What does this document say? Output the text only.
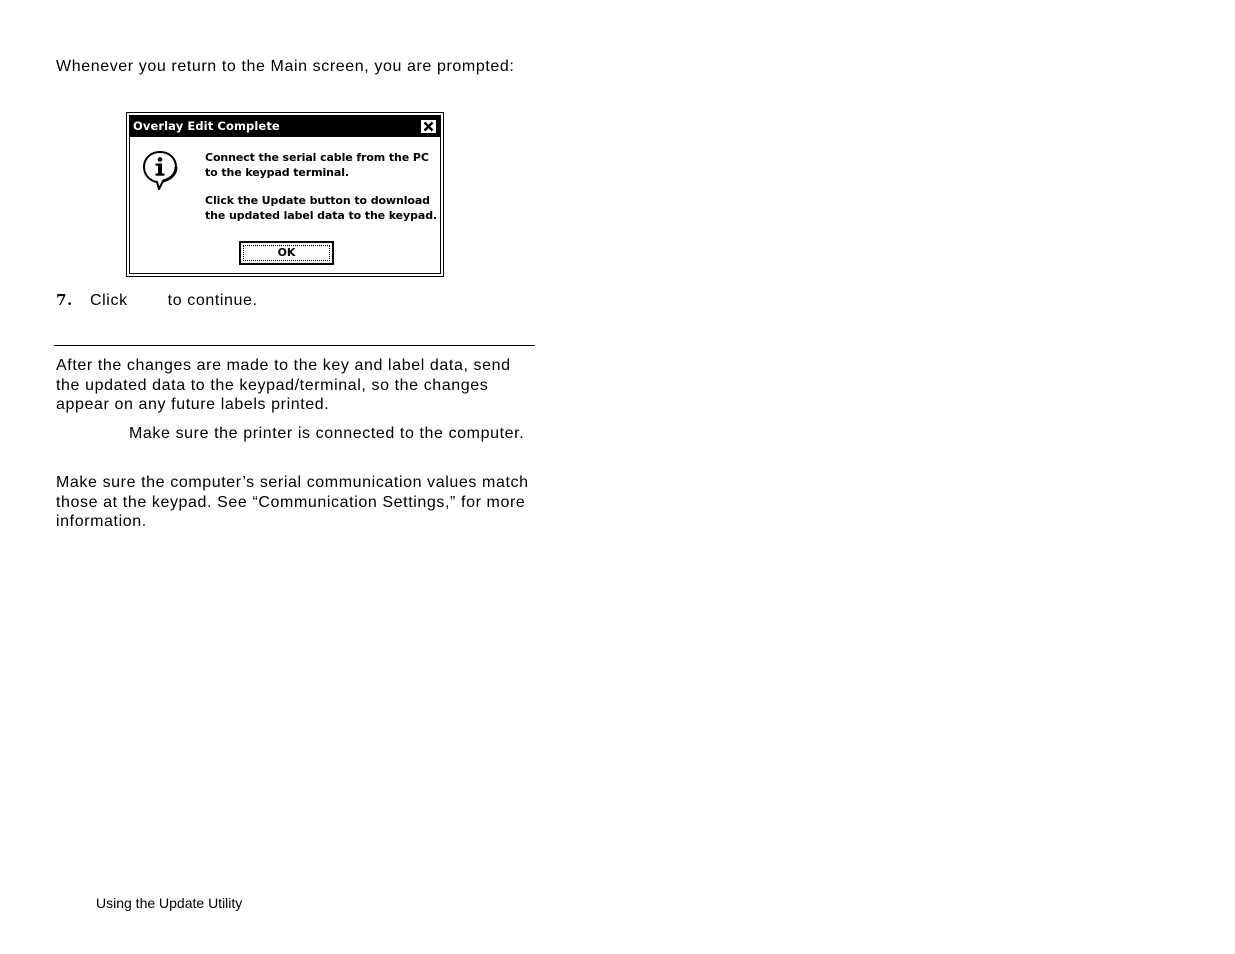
Whenever you return to the Main screen, you are prompted:

Overlay Edit Complete

Connect the serial cable from the PC to the keypad terminal.

Click the Update button to download the updated label data to the keypad.

OK
7. Click	to continue.

After the changes are made to the key and label data, send the updated data to the keypad/terminal, so the changes appear on any future labels printed.

Make sure the printer is connected to the computer.

Make sure the computer’s serial communication values match those at the keypad. See “Communication Settings,” for more information.

Using the Update Utility
